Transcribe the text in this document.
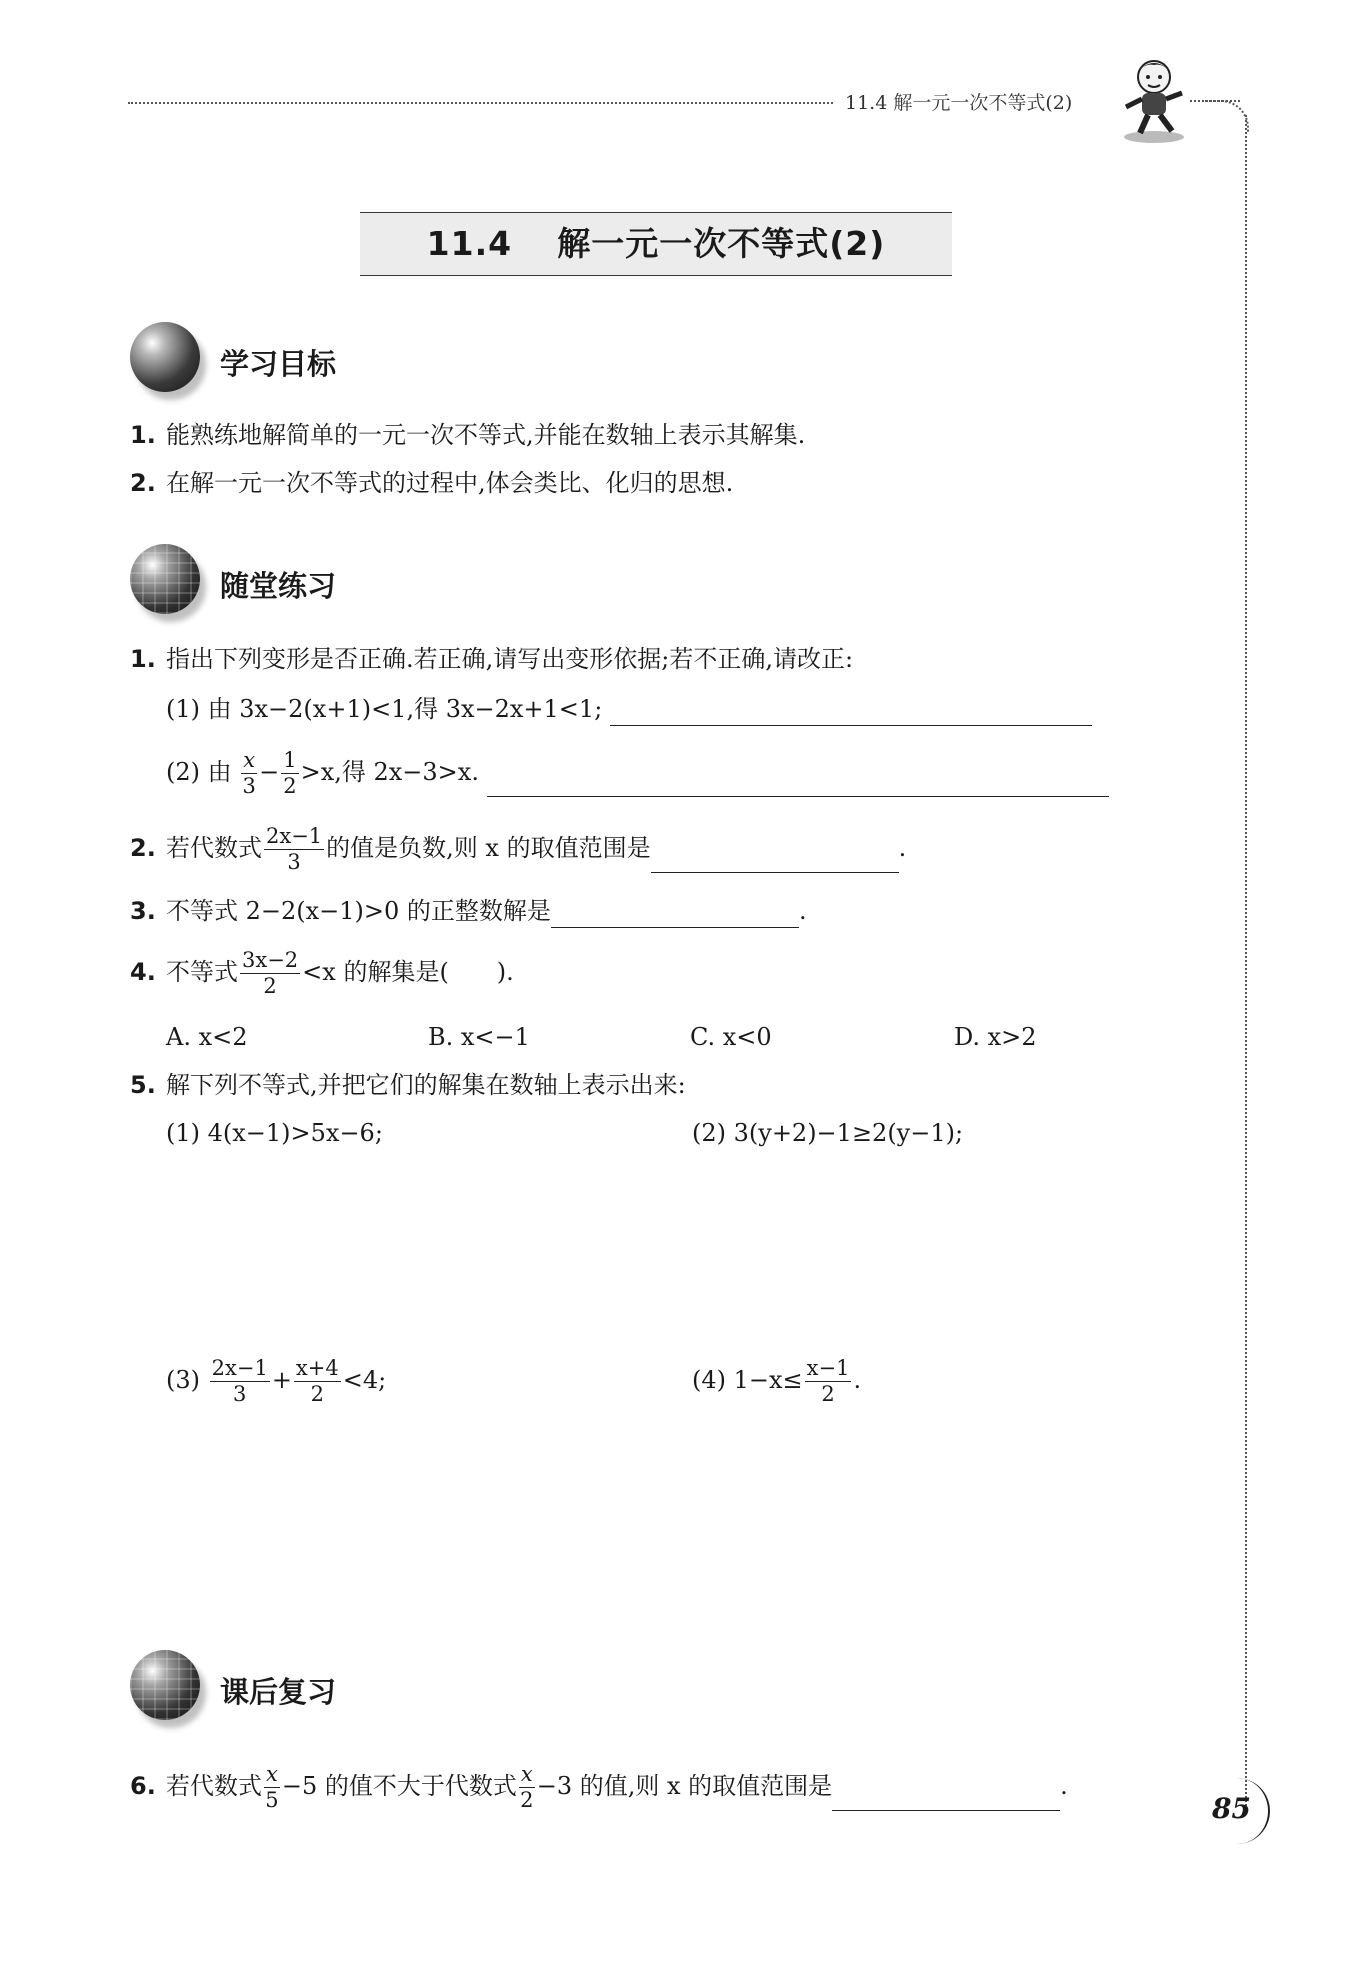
11.4 解一元一次不等式(2)
11.4 解一元一次不等式(2)
学习目标
1. 能熟练地解简单的一元一次不等式,并能在数轴上表示其解集.
2. 在解一元一次不等式的过程中,体会类比、化归的思想.
随堂练习
1. 指出下列变形是否正确.若正确,请写出变形依据;若不正确,请改正:
(1) 由 3x−2(x+1)<1,得 3x−2x+1<1;
(2) 由 $\frac{x}{3} - \frac{1}{2} >x$,得 2x−3>x.
2. 若代数式 $\frac{2x-1}{3}$ 的值是负数,则 x 的取值范围是	.
3. 不等式 2−2(x−1)>0 的正整数解是	.
4. 不等式 $\frac{3x-2}{2} <x$ 的解集是(　　).
A. x<2	B. x<−1	C. x<0	D. x>2
5. 解下列不等式,并把它们的解集在数轴上表示出来:
(1) 4(x−1)>5x−6;	(2) 3(y+2)−1≥2(y−1);
$(3) \frac{2x-1}{3} + \frac{x+4}{2} <4$;	(4) $1-x\le \frac{x-1}{2}$ .
课后复习
6. 若代数式 $\frac{x}{5} -5$ 的值不大于代数式 $\frac{x}{2} -3$ 的值,则 x 的取值范围是	.
85
